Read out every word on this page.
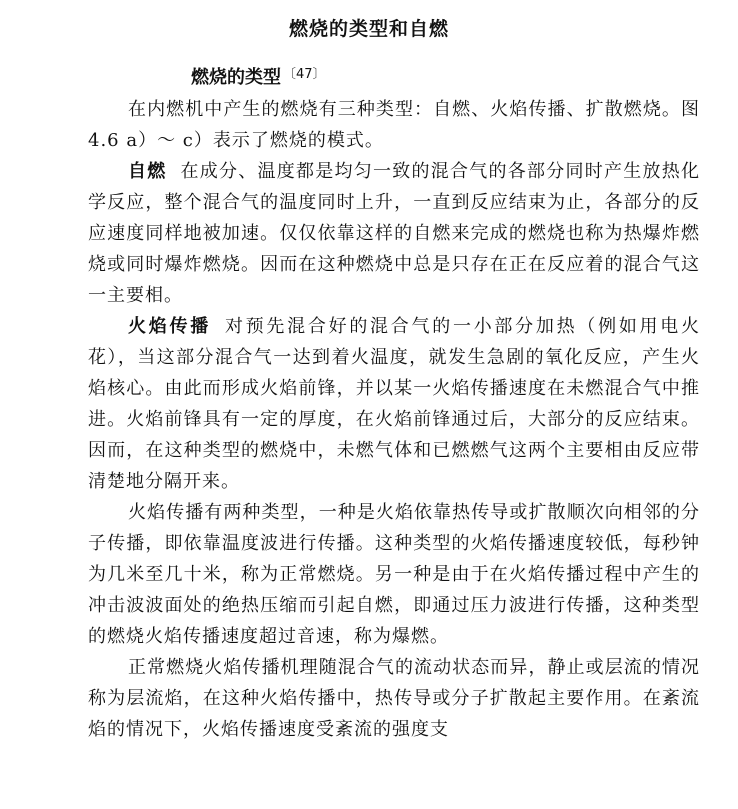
燃烧的类型和自燃
燃烧的类型 $^{〔47〕}$

在内燃机中产生的燃烧有三种类型：自燃、火焰传播、扩散燃烧。图 4.6 a）～ c）表示了燃烧的模式。

自燃 在成分、温度都是均匀一致的混合气的各部分同时产生放热化学反应，整个混合气的温度同时上升，一直到反应结束为止，各部分的反应速度同样地被加速。仅仅依靠这样的自燃来完成的燃烧也称为热爆炸燃烧或同时爆炸燃烧。因而在这种燃烧中总是只存在正在反应着的混合气这一主要相。

火焰传播 对预先混合好的混合气的一小部分加热（例如用电火花），当这部分混合气一达到着火温度，就发生急剧的氧化反应，产生火焰核心。由此而形成火焰前锋，并以某一火焰传播速度在未燃混合气中推进。火焰前锋具有一定的厚度，在火焰前锋通过后，大部分的反应结束。因而，在这种类型的燃烧中，未燃气体和已燃燃气这两个主要相由反应带清楚地分隔开来。

火焰传播有两种类型，一种是火焰依靠热传导或扩散顺次向相邻的分子传播，即依靠温度波进行传播。这种类型的火焰传播速度较低，每秒钟为几米至几十米，称为正常燃烧。另一种是由于在火焰传播过程中产生的冲击波波面处的绝热压缩而引起自燃，即通过压力波进行传播，这种类型的燃烧火焰传播速度超过音速，称为爆燃。

正常燃烧火焰传播机理随混合气的流动状态而异，静止或层流的情况称为层流焰，在这种火焰传播中，热传导或分子扩散起主要作用。在紊流焰的情况下，火焰传播速度受紊流的强度支
